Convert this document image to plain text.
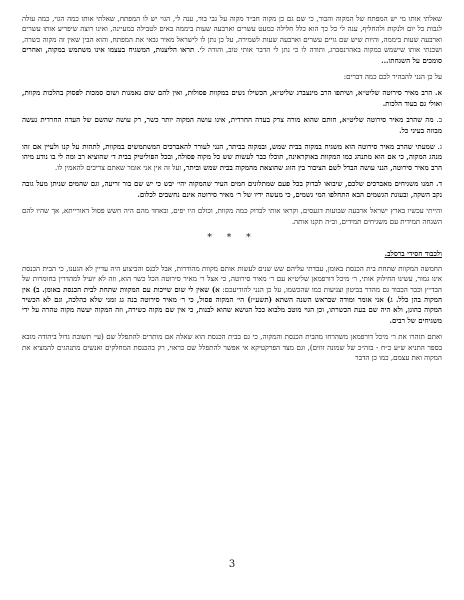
שאלתי אותו מי יש המפתח של המקוה והבור, כי שם גם כן מקוה חב״ד מקוה על גבי בור, ענה לי, הגוי יש לו המפתח, שאלתי אותו כמה הגוי, כמה עולה לגבות כל יום ולנקות ולהחליף, ענה לי כל כך הוא כלל חלילה כמעט עשרים וארבעה שעות ביממה באים לטבילה במעיינה, ואינו רוצה שיפריע אותו עשרים וארבעה שעות ביממה, והיות שיש שם גויים עשרים וארבעה שעות לשמירה, על כן נתן לו לישראל מאיר גבאי את המפתח, והוא הבין שאין זה מקוה כשרה, ושכנתי אותו שישמש במקוה באהרנסברג, ותודה לו כי נתן לי הדבר אותי טוב, והודה לי. תראו הליצנות, המשגיח בעצמו אינו משתמש במקוה, ואחרים סומכים על השגחתו...

על כן הנני להבהיר לכם כמה דברים:

א. הרב מאיר סירוטה שליט״א, ושיתפו הרב מינצברג שליט״א, הכשילו נשים במקוות פסולות, ואין להם שום נאמנות ושום סמכות לפסוק בהלכות מקוות, ואולי גם בעוד הלכות.

ב. מה שהרב מאיר סירוטה שליט״א, חותם שהוא מורה צדק בעדה החרדית, אינו עושה המקוה יותר כשר, רק עושה שהשם של העדה החרדית נעשה מבוזה בעיני כל.

ג. שמעתי שהרב מאיר סירוטה הוא משגיח במקוה בבית שמש, ובמקוה בביתר, הנני לעורר להאברכים המשתמשים במקוות, לתהות על קנו ולעיין אם זהו מנהג המקוה, כי אם הוא מתנהג כמו המקוות באוקראינה, תוכלו כבר לעשות שש כל מקוה פסולה, ובכל הפוליטיק בבית ד׳ שהוציא רב ומה לי בו נודע מיהו הרב מאיר סירוטה, הנני עושה הבדל לשם הציבור בין הזוג שהוצאת מהמקוה בבית שמש וביתר, ועל זה אין אני אומר שאתם צריכים להאמין לו.

ד. תמנו משגיחים מאברכים שלכם, שיבואו לבדוק בכל פעם שמתלונים חמים העיר שהמקוה יהי׳ יבש כי יש שם בור זריעה, וגם שהמים שניתן מעל גובה נקב השקה, ובעונת הגשמים הבא התחלפו המי גשמים, כי מעשה ידיו של ר׳ מאיר סירוטה אינם נחשבים לכלום.

והייתי עכשיו בארץ ישראל ארבעה שבועות דגעסים, וקראו אותי לבדוק כמה מקוות, וכולם היו יפים, ובאחד מהם היה חשש פסול דאורייתא, אך שהיו להם השגחה תמידית עם משגיחים תמידים, וב״ה תקנו אותה.

* * *
ולכבוד חסידי ברסלב.

החמשה המקוות שתחת בית הכנסת באומן, עבדתי עליהם שש שנים לעשות אותם מקוות מהודרות, אבל לכנס והביצוע היה עדיין לא הגענו, כי הבית הכנסת אינו גמור, עשינו החילוק אותי, ר׳ מיכל דורפמאן שליט״א עם ר׳ מאיר סירוטה, כי אצל ר׳ מאיר סירוטה הכל כשר הוא, וזה לא יועיל למהדרין בחומרות של הבד״ץ וכבר הכבוד גם מהדר בביטון וצניעות כמו שהכשמו, על כן הנני להודיעכם: א) שאין לי שום שייכות עם המקוות שתחת לבית הכנסת באומן. ב) אין המקוה בהן כלל. ג) אני אומר ומודה שבראש השנה השתא (תשע״ז) הי׳ המקוה פסול, כי ר׳ מאיר סירוטה בנה גג זמני שלא כהלכה, וגם לא הכשיר המקוה כהוגן, ולא היה שם בעת הכשרתו, וכן הגוי מוטב מלבוא ככל הנושא שהוא לבנות, כי אין שם מקוה כשירה, וזה המקוה יעשה מקוה טהרה על ידי משגיחים של רבים.

ואתם תזהרו את ר׳ מיכל דורפמאן משהרחו מהבית הכנסת והמקוה, כי גם בבית הכנסת הוא שאלה אם מותרים להתפלל שם (עי׳ תשובת גדול ביהודה מובא בספר התניא ש״ע כ״ח - בזה״כ של שמונה זוזים), וגם מצד הפרקטיקא אי אפשר להתפלל שם כראוי, רק בהכנסת המחלקים ואנשים מתנהגים להמציא את המקוה ואת עצמם, כמו כן הדבר

3
